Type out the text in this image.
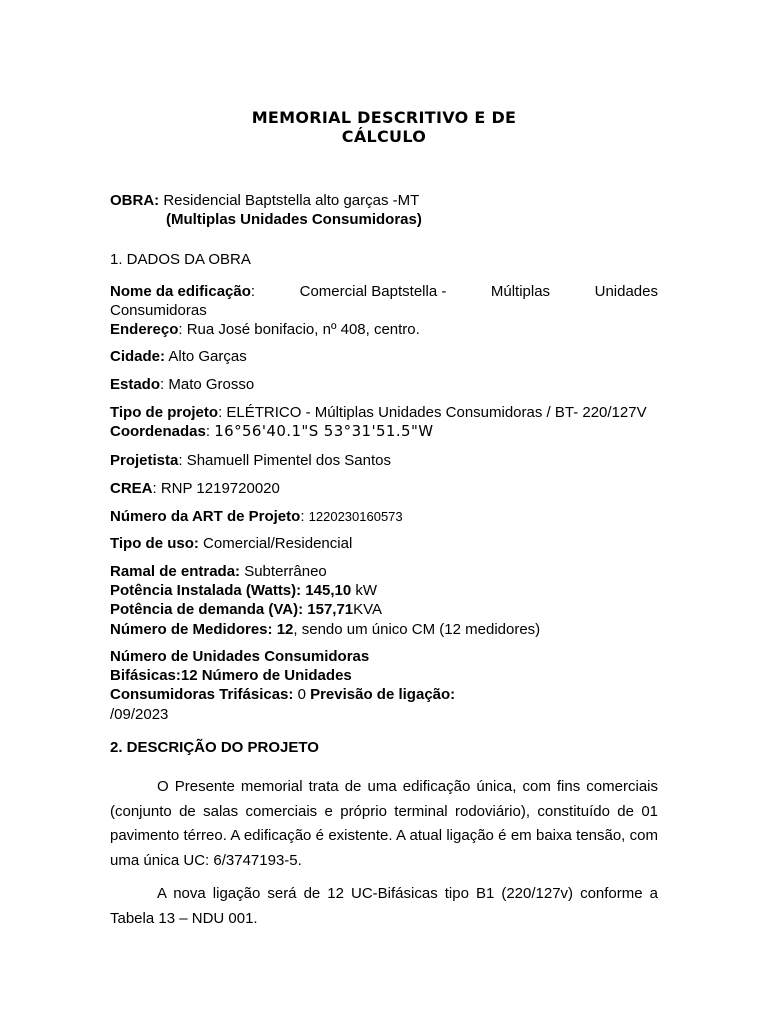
MEMORIAL DESCRITIVO E DE
CÁLCULO
OBRA: Residencial Baptstella alto garças -MT
(Multiplas Unidades Consumidoras)
1. DADOS DA OBRA
Nome da edificação:	Comercial Baptstella -	Múltiplas	Unidades
Consumidoras
Endereço: Rua José bonifacio, nº 408, centro.
Cidade: Alto Garças
Estado: Mato Grosso
Tipo de projeto: ELÉTRICO - Múltiplas Unidades Consumidoras / BT- 220/127V
Coordenadas: 16°56'40.1"S 53°31'51.5"W
Projetista: Shamuell Pimentel dos Santos
CREA: RNP 1219720020
Número da ART de Projeto: 1220230160573
Tipo de uso: Comercial/Residencial
Ramal de entrada: Subterrâneo
Potência Instalada (Watts): 145,10 kW
Potência de demanda (VA): 157,71KVA
Número de Medidores: 12, sendo um único CM (12 medidores)
Número de Unidades Consumidoras
Bifásicas:12 Número de Unidades
Consumidoras Trifásicas: 0 Previsão de ligação:
/09/2023
2. DESCRIÇÃO DO PROJETO
O Presente memorial trata de uma edificação única, com fins comerciais (conjunto de salas comerciais e próprio terminal rodoviário), constituído de 01 pavimento térreo. A edificação é existente. A atual ligação é em baixa tensão, com uma única UC: 6/3747193-5.
A nova ligação será de 12 UC-Bifásicas tipo B1 (220/127v) conforme a Tabela 13 – NDU 001.
